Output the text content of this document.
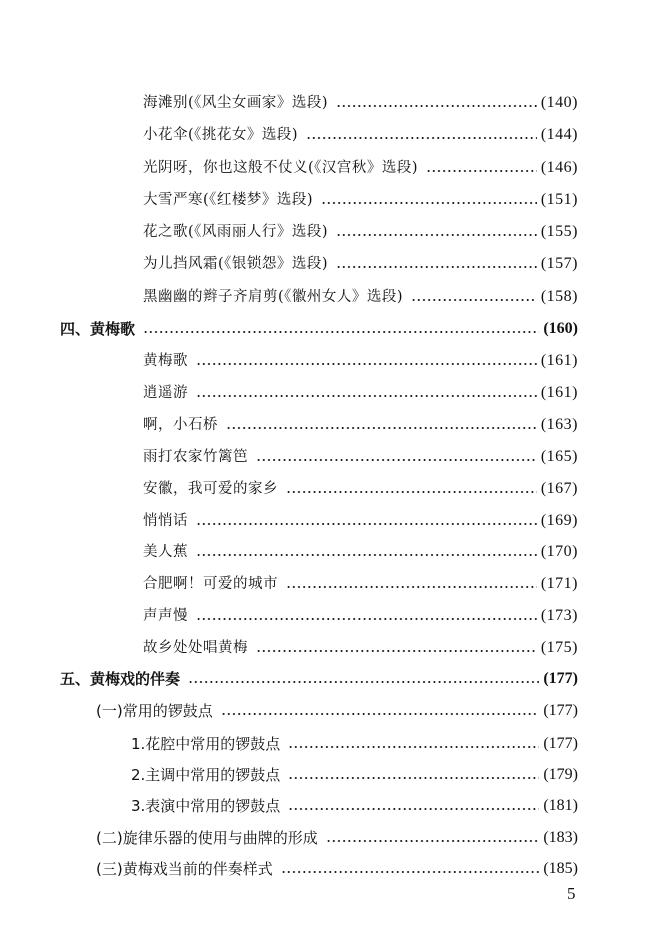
海滩别(《风尘女画家》选段)	(140)
小花伞(《挑花女》选段)	(144)
光阴呀，你也这般不仗义(《汉宫秋》选段)	(146)
大雪严寒(《红楼梦》选段)	(151)
花之歌(《风雨丽人行》选段)	(155)
为儿挡风霜(《银锁怨》选段)	(157)
黑幽幽的辫子齐肩剪(《徽州女人》选段)	(158)
四、黄梅歌	(160)
黄梅歌	(161)
逍遥游	(161)
啊，小石桥	(163)
雨打农家竹篱笆	(165)
安徽，我可爱的家乡	(167)
悄悄话	(169)
美人蕉	(170)
合肥啊！可爱的城市	(171)
声声慢	(173)
故乡处处唱黄梅	(175)
五、黄梅戏的伴奏	(177)
(一)常用的锣鼓点	(177)
1.花腔中常用的锣鼓点	(177)
2.主调中常用的锣鼓点	(179)
3.表演中常用的锣鼓点	(181)
(二)旋律乐器的使用与曲牌的形成	(183)
(三)黄梅戏当前的伴奏样式	(185)
5
